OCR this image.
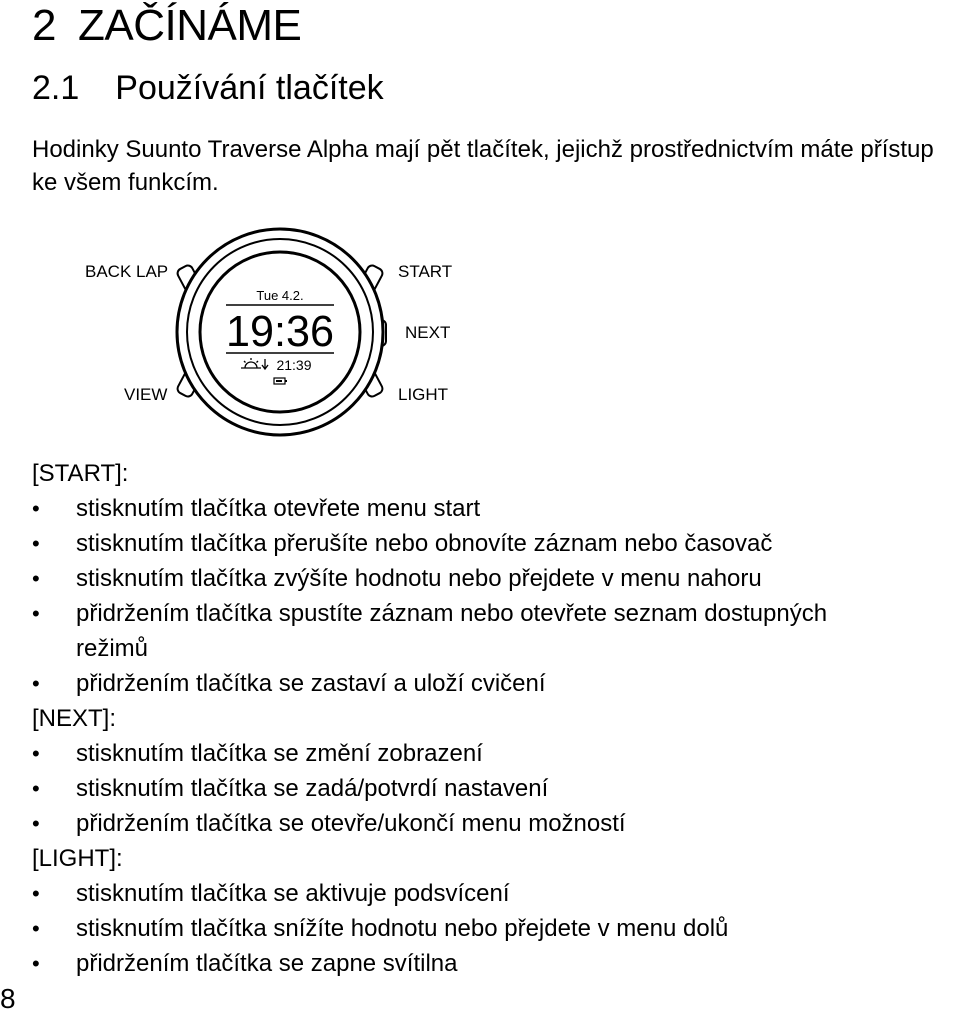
2 ZAČÍNÁME
2.1 Používání tlačítek

Hodinky Suunto Traverse Alpha mají pět tlačítek, jejichž prostřednictvím máte přístup ke všem funkcím.

BACK LAP	START
NEXT
VIEW	LIGHT
Tue 4.2.
19:36
21:39

[START]:

• stisknutím tlačítka otevřete menu start
• stisknutím tlačítka přerušíte nebo obnovíte záznam nebo časovač
• stisknutím tlačítka zvýšíte hodnotu nebo přejdete v menu nahoru
• přidržením tlačítka spustíte záznam nebo otevřete seznam dostupných režimů
• přidržením tlačítka se zastaví a uloží cvičení

[NEXT]:

• stisknutím tlačítka se změní zobrazení
• stisknutím tlačítka se zadá/potvrdí nastavení
• přidržením tlačítka se otevře/ukončí menu možností

[LIGHT]:

• stisknutím tlačítka se aktivuje podsvícení
• stisknutím tlačítka snížíte hodnotu nebo přejdete v menu dolů
• přidržením tlačítka se zapne svítilna
8
